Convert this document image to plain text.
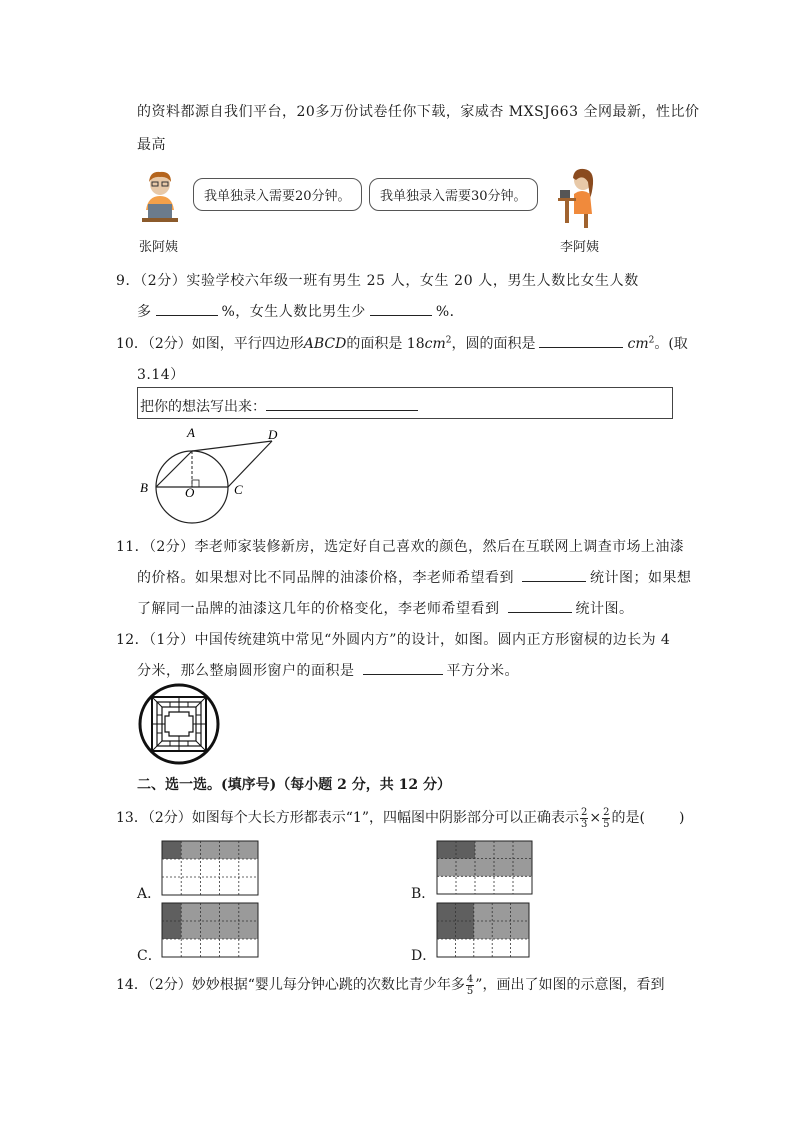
的资料都源自我们平台，20多万份试卷任你下载，家威杏 MXSJ663 全网最新，性比价
最高
我单独录入需要20分钟。	我单独录入需要30分钟。
张阿姨	李阿姨
9．（2分）实验学校六年级一班有男生 25 人，女生 20 人，男生人数比女生人数
多	%，女生人数比男生少	%．
10．（2分）如图，平行四边形ABCD的面积是 $18cm^2$，圆的面积是	$cm^2$。(取
3.14）
把你的想法写出来：
A	D
B	C
O
11．（2分）李老师家装修新房，选定好自己喜欢的颜色，然后在互联网上调查市场上油漆
的价格。如果想对比不同品牌的油漆价格，李老师希望看到	统计图；如果想
了解同一品牌的油漆这几年的价格变化，李老师希望看到	统计图。
12．（1分）中国传统建筑中常见“外圆内方”的设计，如图。圆内正方形窗棂的边长为 4
分米，那么整扇圆形窗户的面积是	平方分米。
二、选一选。(填序号)（每小题 2 分，共 12 分）
13．（2分）如图每个大长方形都表示“1”，四幅图中阴影部分可以正确表示 $\frac{2}{3} \times \frac{2}{5}$ 的是( )
A．	B．
C．	D．
14．（2分）妙妙根据“婴儿每分钟心跳的次数比青少年多 $\frac{4}{5}$ ”，画出了如图的示意图，看到
